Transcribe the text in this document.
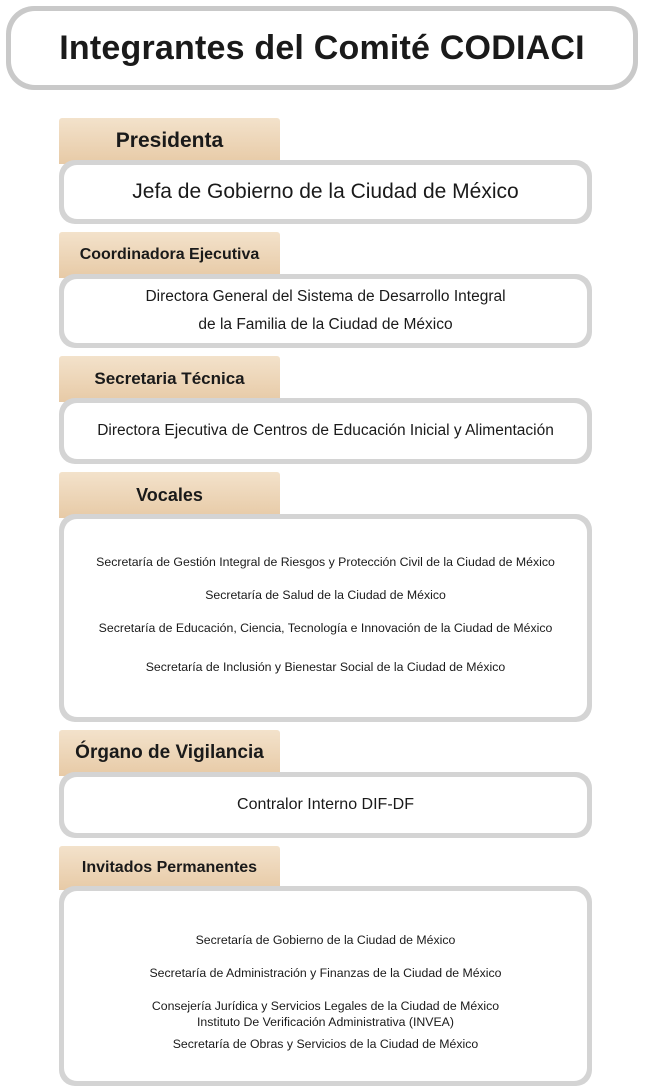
Integrantes del Comité CODIACI
Presidenta
Jefa de Gobierno de la Ciudad de México
Coordinadora Ejecutiva
Directora General del Sistema de Desarrollo Integral
de la Familia de la Ciudad de México
Secretaria Técnica
Directora Ejecutiva de Centros de Educación Inicial y Alimentación
Vocales
Secretaría de Gestión Integral de Riesgos y Protección Civil de la Ciudad de México
Secretaría de Salud de la Ciudad de México
Secretaría de Educación, Ciencia, Tecnología e Innovación de la Ciudad de México
Secretaría de Inclusión y Bienestar Social de la Ciudad de México
Órgano de Vigilancia
Contralor Interno DIF-DF
Invitados Permanentes
Secretaría de Gobierno de la Ciudad de México
Secretaría de Administración y Finanzas de la Ciudad de México
Consejería Jurídica y Servicios Legales de la Ciudad de México
Instituto De Verificación Administrativa (INVEA)
Secretaría de Obras y Servicios de la Ciudad de México
